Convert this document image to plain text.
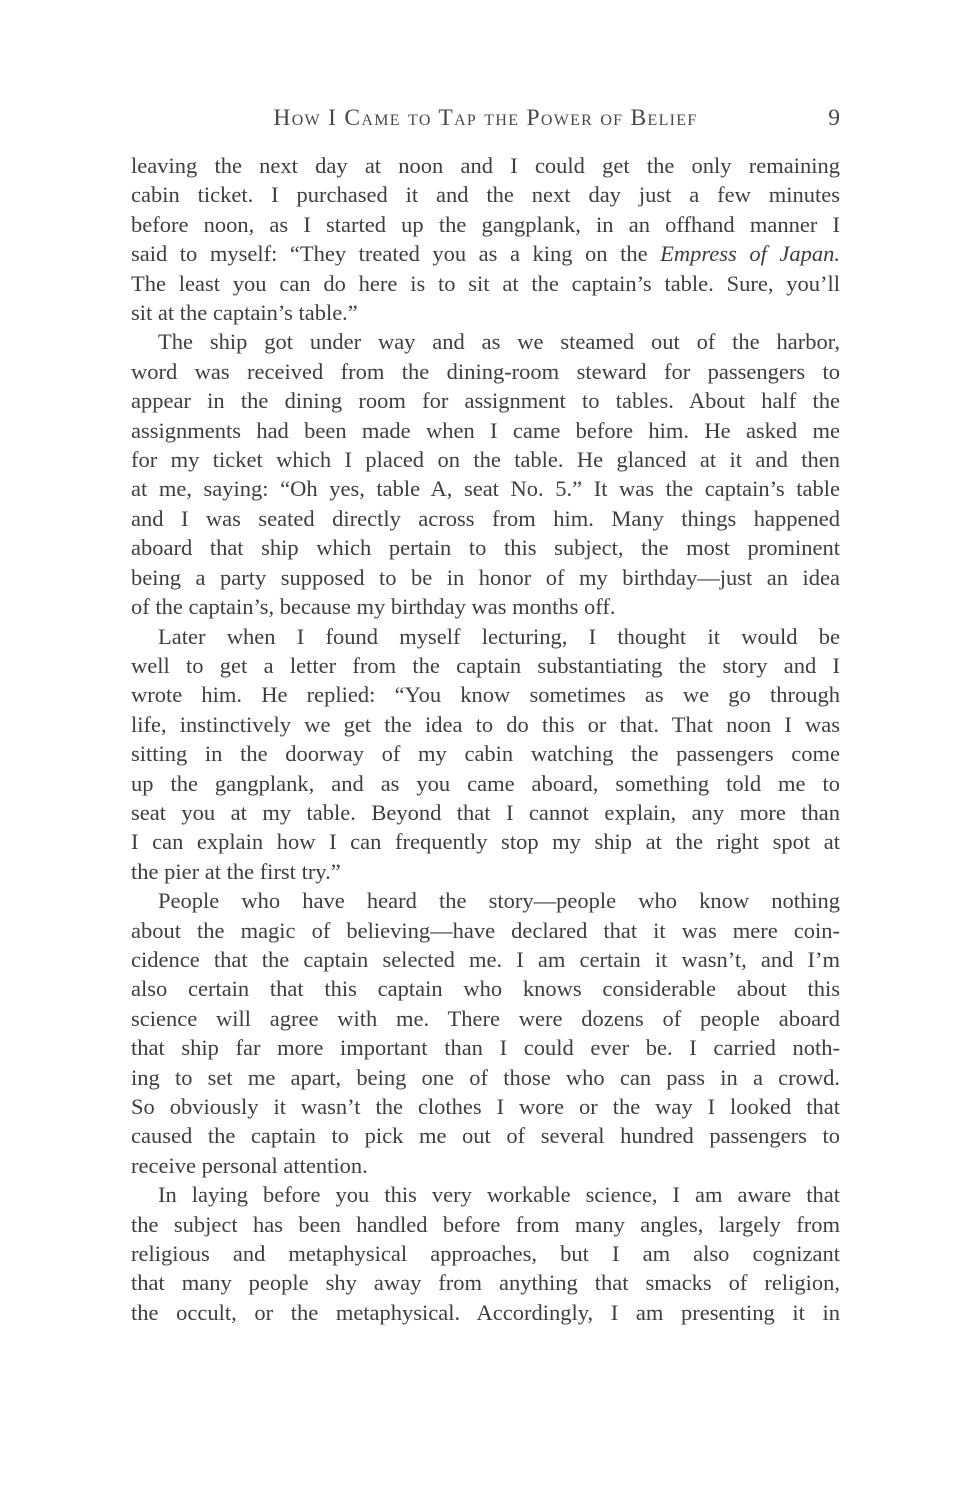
How I Came to Tap the Power of Belief	9
leaving the next day at noon and I could get the only remaining
cabin ticket. I purchased it and the next day just a few minutes
before noon, as I started up the gangplank, in an offhand manner I
said to myself: “They treated you as a king on the Empress of Japan.
The least you can do here is to sit at the captain’s table. Sure, you’ll
sit at the captain’s table.”
The ship got under way and as we steamed out of the harbor,
word was received from the dining-room steward for passengers to
appear in the dining room for assignment to tables. About half the
assignments had been made when I came before him. He asked me
for my ticket which I placed on the table. He glanced at it and then
at me, saying: “Oh yes, table A, seat No. 5.” It was the captain’s table
and I was seated directly across from him. Many things happened
aboard that ship which pertain to this subject, the most prominent
being a party supposed to be in honor of my birthday—just an idea
of the captain’s, because my birthday was months off.
Later when I found myself lecturing, I thought it would be
well to get a letter from the captain substantiating the story and I
wrote him. He replied: “You know sometimes as we go through
life, instinctively we get the idea to do this or that. That noon I was
sitting in the doorway of my cabin watching the passengers come
up the gangplank, and as you came aboard, something told me to
seat you at my table. Beyond that I cannot explain, any more than
I can explain how I can frequently stop my ship at the right spot at
the pier at the first try.”
People who have heard the story—people who know nothing
about the magic of believing—have declared that it was mere coin-
cidence that the captain selected me. I am certain it wasn’t, and I’m
also certain that this captain who knows considerable about this
science will agree with me. There were dozens of people aboard
that ship far more important than I could ever be. I carried noth-
ing to set me apart, being one of those who can pass in a crowd.
So obviously it wasn’t the clothes I wore or the way I looked that
caused the captain to pick me out of several hundred passengers to
receive personal attention.
In laying before you this very workable science, I am aware that
the subject has been handled before from many angles, largely from
religious and metaphysical approaches, but I am also cognizant
that many people shy away from anything that smacks of religion,
the occult, or the metaphysical. Accordingly, I am presenting it in
